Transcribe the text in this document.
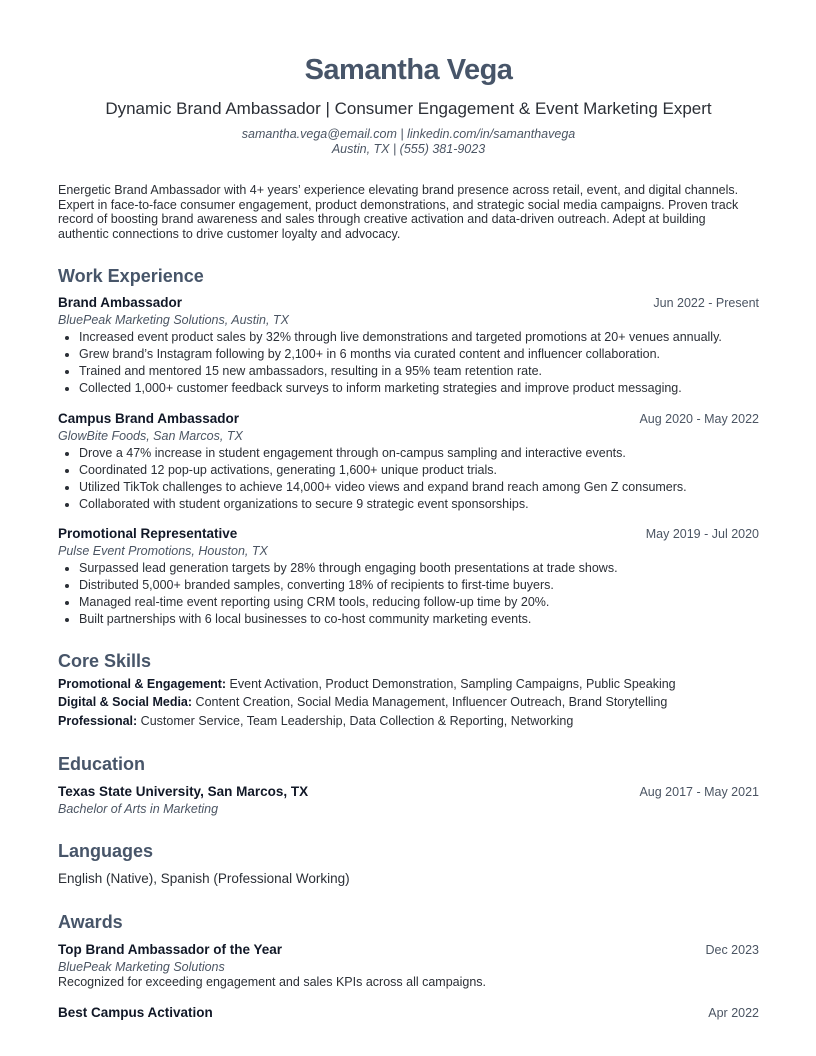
Samantha Vega
Dynamic Brand Ambassador | Consumer Engagement & Event Marketing Expert
samantha.vega@email.com | linkedin.com/in/samanthavega
Austin, TX | (555) 381-9023
Energetic Brand Ambassador with 4+ years’ experience elevating brand presence across retail, event, and digital channels. Expert in face-to-face consumer engagement, product demonstrations, and strategic social media campaigns. Proven track record of boosting brand awareness and sales through creative activation and data-driven outreach. Adept at building authentic connections to drive customer loyalty and advocacy.
Work Experience
Brand Ambassador	Jun 2022 - Present
BluePeak Marketing Solutions, Austin, TX
• Increased event product sales by 32% through live demonstrations and targeted promotions at 20+ venues annually.
• Grew brand’s Instagram following by 2,100+ in 6 months via curated content and influencer collaboration.
• Trained and mentored 15 new ambassadors, resulting in a 95% team retention rate.
• Collected 1,000+ customer feedback surveys to inform marketing strategies and improve product messaging.
Campus Brand Ambassador	Aug 2020 - May 2022
GlowBite Foods, San Marcos, TX
• Drove a 47% increase in student engagement through on-campus sampling and interactive events.
• Coordinated 12 pop-up activations, generating 1,600+ unique product trials.
• Utilized TikTok challenges to achieve 14,000+ video views and expand brand reach among Gen Z consumers.
• Collaborated with student organizations to secure 9 strategic event sponsorships.
Promotional Representative	May 2019 - Jul 2020
Pulse Event Promotions, Houston, TX
• Surpassed lead generation targets by 28% through engaging booth presentations at trade shows.
• Distributed 5,000+ branded samples, converting 18% of recipients to first-time buyers.
• Managed real-time event reporting using CRM tools, reducing follow-up time by 20%.
• Built partnerships with 6 local businesses to co-host community marketing events.
Core Skills
Promotional & Engagement: Event Activation, Product Demonstration, Sampling Campaigns, Public Speaking
Digital & Social Media: Content Creation, Social Media Management, Influencer Outreach, Brand Storytelling
Professional: Customer Service, Team Leadership, Data Collection & Reporting, Networking
Education
Texas State University, San Marcos, TX	Aug 2017 - May 2021
Bachelor of Arts in Marketing
Languages
English (Native), Spanish (Professional Working)
Awards
Top Brand Ambassador of the Year	Dec 2023
BluePeak Marketing Solutions
Recognized for exceeding engagement and sales KPIs across all campaigns.
Best Campus Activation	Apr 2022
